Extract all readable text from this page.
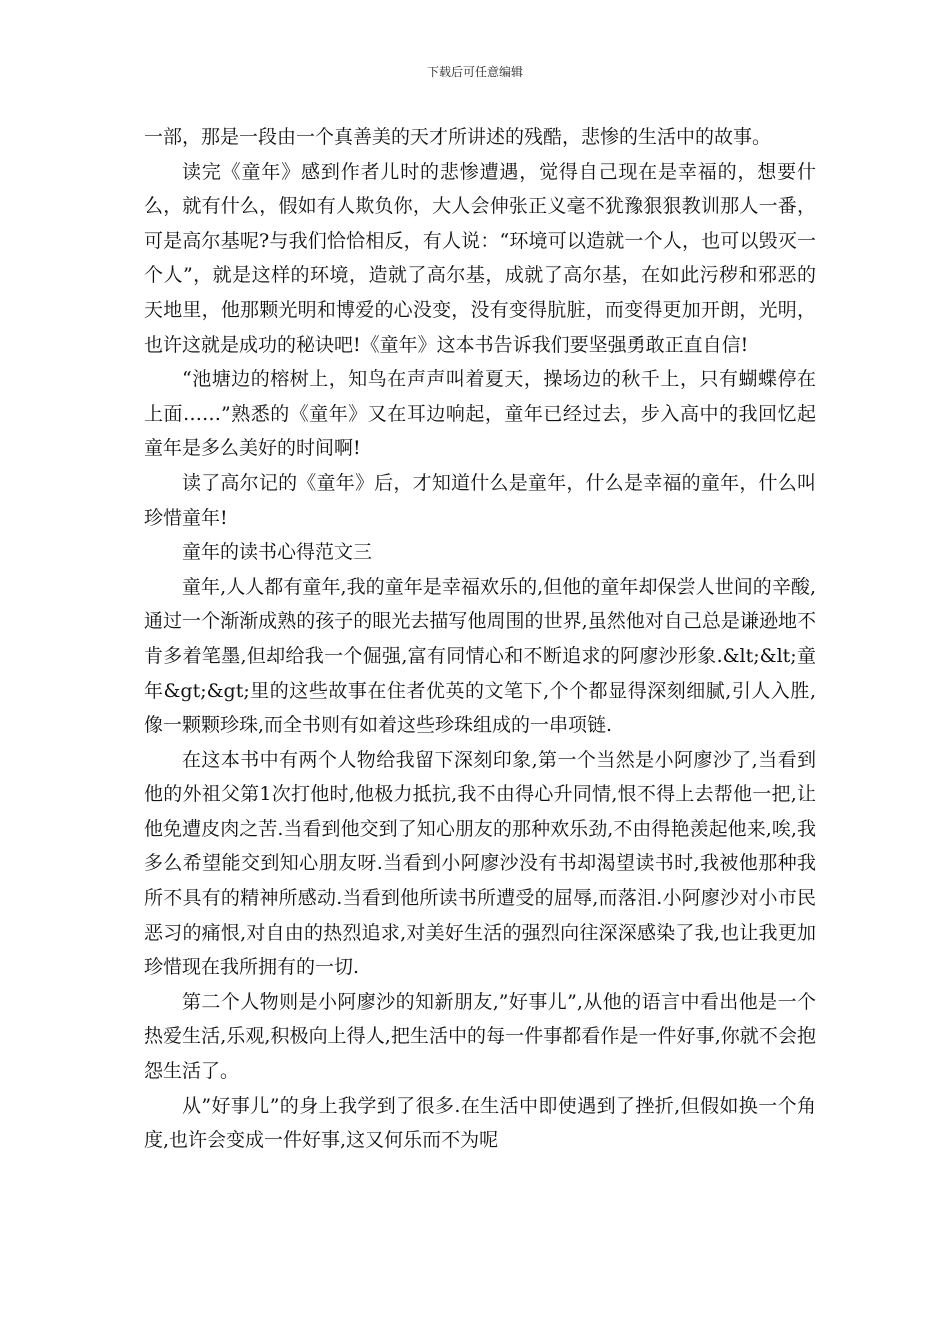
下载后可任意编辑

一部，那是一段由一个真善美的天才所讲述的残酷，悲惨的生活中的故事。

读完《童年》感到作者儿时的悲惨遭遇，觉得自己现在是幸福的，想要什么，就有什么，假如有人欺负你，大人会伸张正义毫不犹豫狠狠教训那人一番，可是高尔基呢?与我们恰恰相反，有人说：“环境可以造就一个人，也可以毁灭一个人”，就是这样的环境，造就了高尔基，成就了高尔基，在如此污秽和邪恶的天地里，他那颗光明和博爱的心没变，没有变得肮脏，而变得更加开朗，光明，也许这就是成功的秘诀吧!《童年》这本书告诉我们要坚强勇敢正直自信!

“池塘边的榕树上，知鸟在声声叫着夏天，操场边的秋千上，只有蝴蝶停在上面……”熟悉的《童年》又在耳边响起，童年已经过去，步入高中的我回忆起童年是多么美好的时间啊!

读了高尔记的《童年》后，才知道什么是童年，什么是幸福的童年，什么叫珍惜童年!

童年的读书心得范文三

童年,人人都有童年,我的童年是幸福欢乐的,但他的童年却保尝人世间的辛酸,通过一个渐渐成熟的孩子的眼光去描写他周围的世界,虽然他对自己总是谦逊地不肯多着笔墨,但却给我一个倔强,富有同情心和不断追求的阿廖沙形象.&lt;&lt;童年&gt;&gt;里的这些故事在住者优英的文笔下,个个都显得深刻细腻,引人入胜,像一颗颗珍珠,而全书则有如着这些珍珠组成的一串项链.

在这本书中有两个人物给我留下深刻印象,第一个当然是小阿廖沙了,当看到他的外祖父第1次打他时,他极力抵抗,我不由得心升同情,恨不得上去帮他一把,让他免遭皮肉之苦.当看到他交到了知心朋友的那种欢乐劲,不由得艳羡起他来,唉,我多么希望能交到知心朋友呀.当看到小阿廖沙没有书却渴望读书时,我被他那种我所不具有的精神所感动.当看到他所读书所遭受的屈辱,而落泪.小阿廖沙对小市民恶习的痛恨,对自由的热烈追求,对美好生活的强烈向往深深感染了我,也让我更加珍惜现在我所拥有的一切.

第二个人物则是小阿廖沙的知新朋友,”好事儿”,从他的语言中看出他是一个热爱生活,乐观,积极向上得人,把生活中的每一件事都看作是一件好事,你就不会抱怨生活了。

从”好事儿”的身上我学到了很多.在生活中即使遇到了挫折,但假如换一个角度,也许会变成一件好事,这又何乐而不为呢
